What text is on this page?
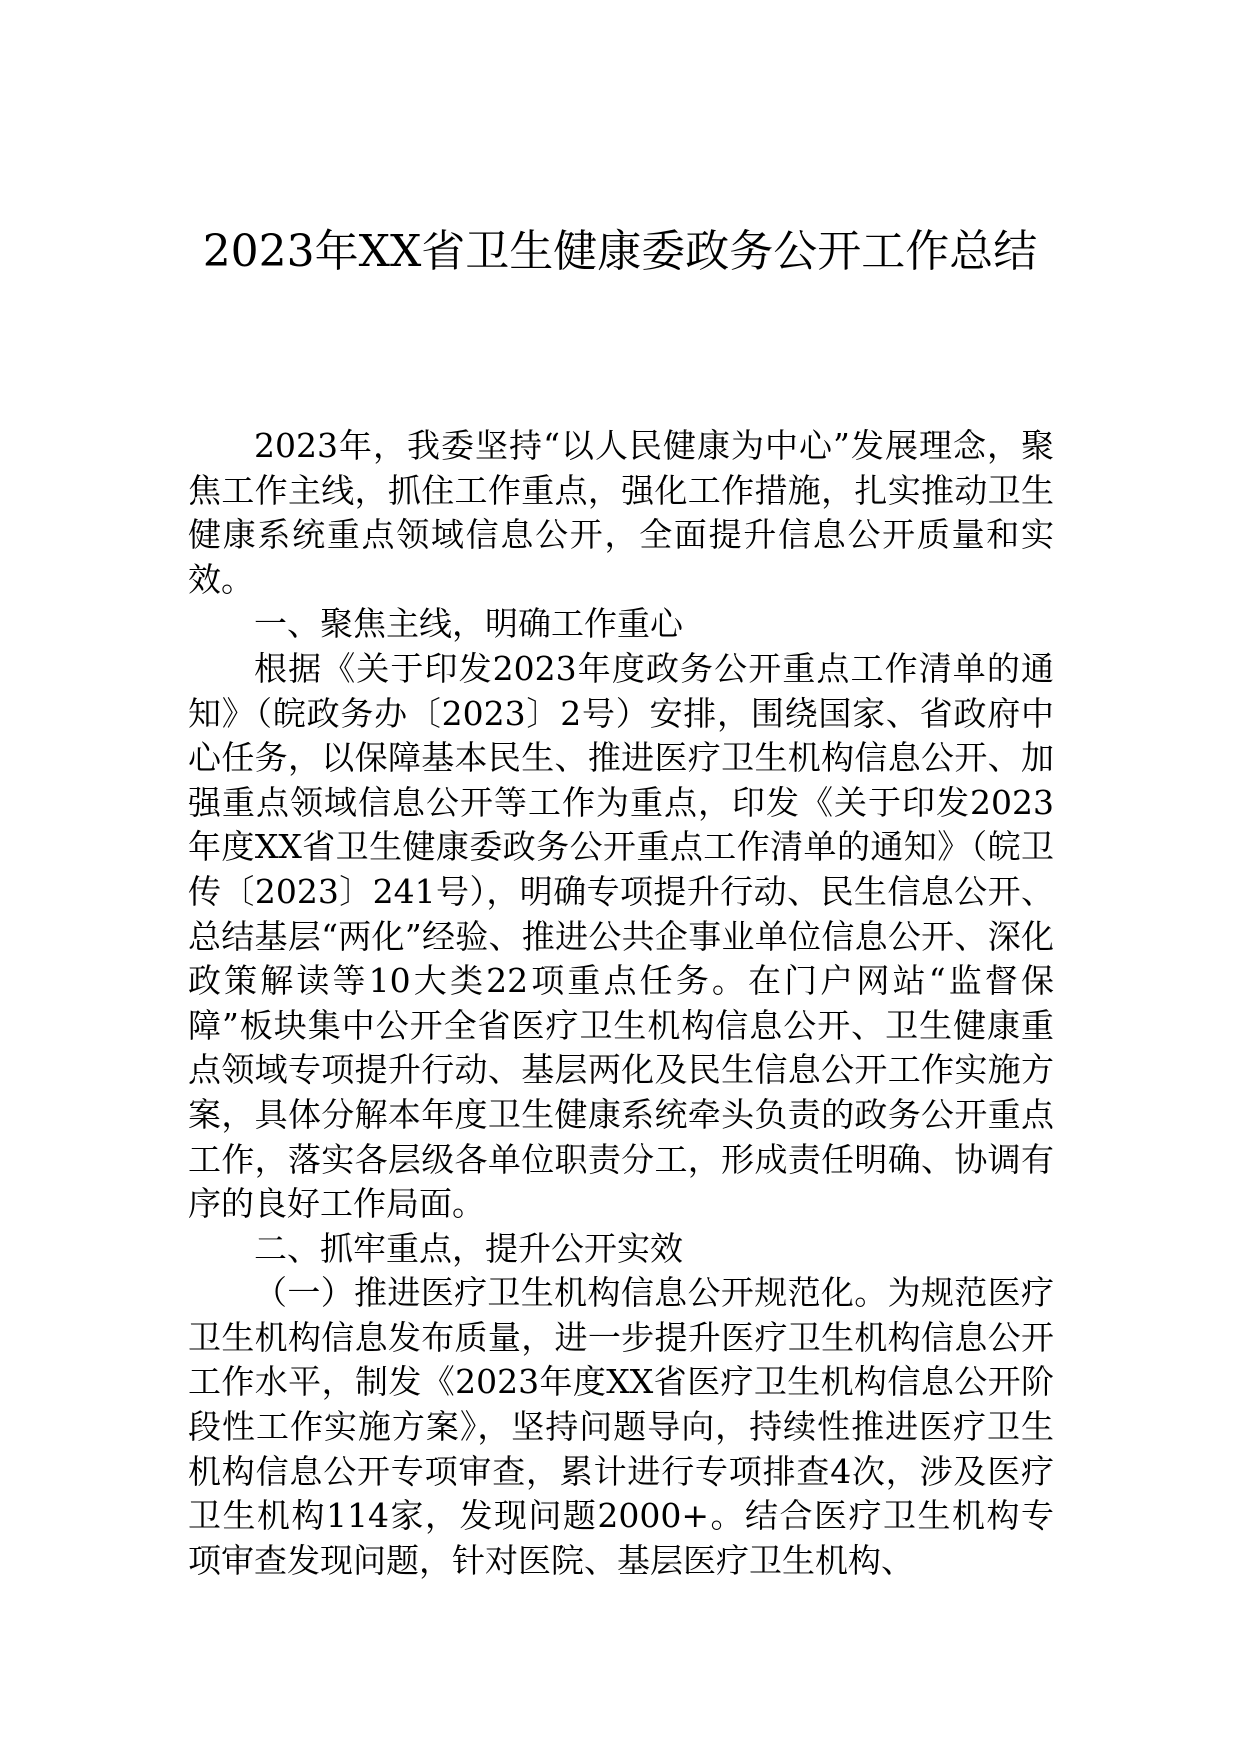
2023年XX省卫生健康委政务公开工作总结

2023年，我委坚持“以人民健康为中心”发展理念，聚焦工作主线，抓住工作重点，强化工作措施，扎实推动卫生健康系统重点领域信息公开，全面提升信息公开质量和实效。

一、聚焦主线，明确工作重心

根据《关于印发2023年度政务公开重点工作清单的通知》（皖政务办〔2023〕2号）安排，围绕国家、省政府中心任务，以保障基本民生、推进医疗卫生机构信息公开、加强重点领域信息公开等工作为重点，印发《关于印发2023年度XX省卫生健康委政务公开重点工作清单的通知》（皖卫传〔2023〕241号），明确专项提升行动、民生信息公开、总结基层“两化”经验、推进公共企事业单位信息公开、深化政策解读等10大类22项重点任务。在门户网站“监督保障”板块集中公开全省医疗卫生机构信息公开、卫生健康重点领域专项提升行动、基层两化及民生信息公开工作实施方案，具体分解本年度卫生健康系统牵头负责的政务公开重点工作，落实各层级各单位职责分工，形成责任明确、协调有序的良好工作局面。

二、抓牢重点，提升公开实效

（一）推进医疗卫生机构信息公开规范化。为规范医疗卫生机构信息发布质量，进一步提升医疗卫生机构信息公开工作水平，制发《2023年度XX省医疗卫生机构信息公开阶段性工作实施方案》，坚持问题导向，持续性推进医疗卫生机构信息公开专项审查，累计进行专项排查4次，涉及医疗卫生机构114家，发现问题2000+。结合医疗卫生机构专项审查发现问题，针对医院、基层医疗卫生机构、
